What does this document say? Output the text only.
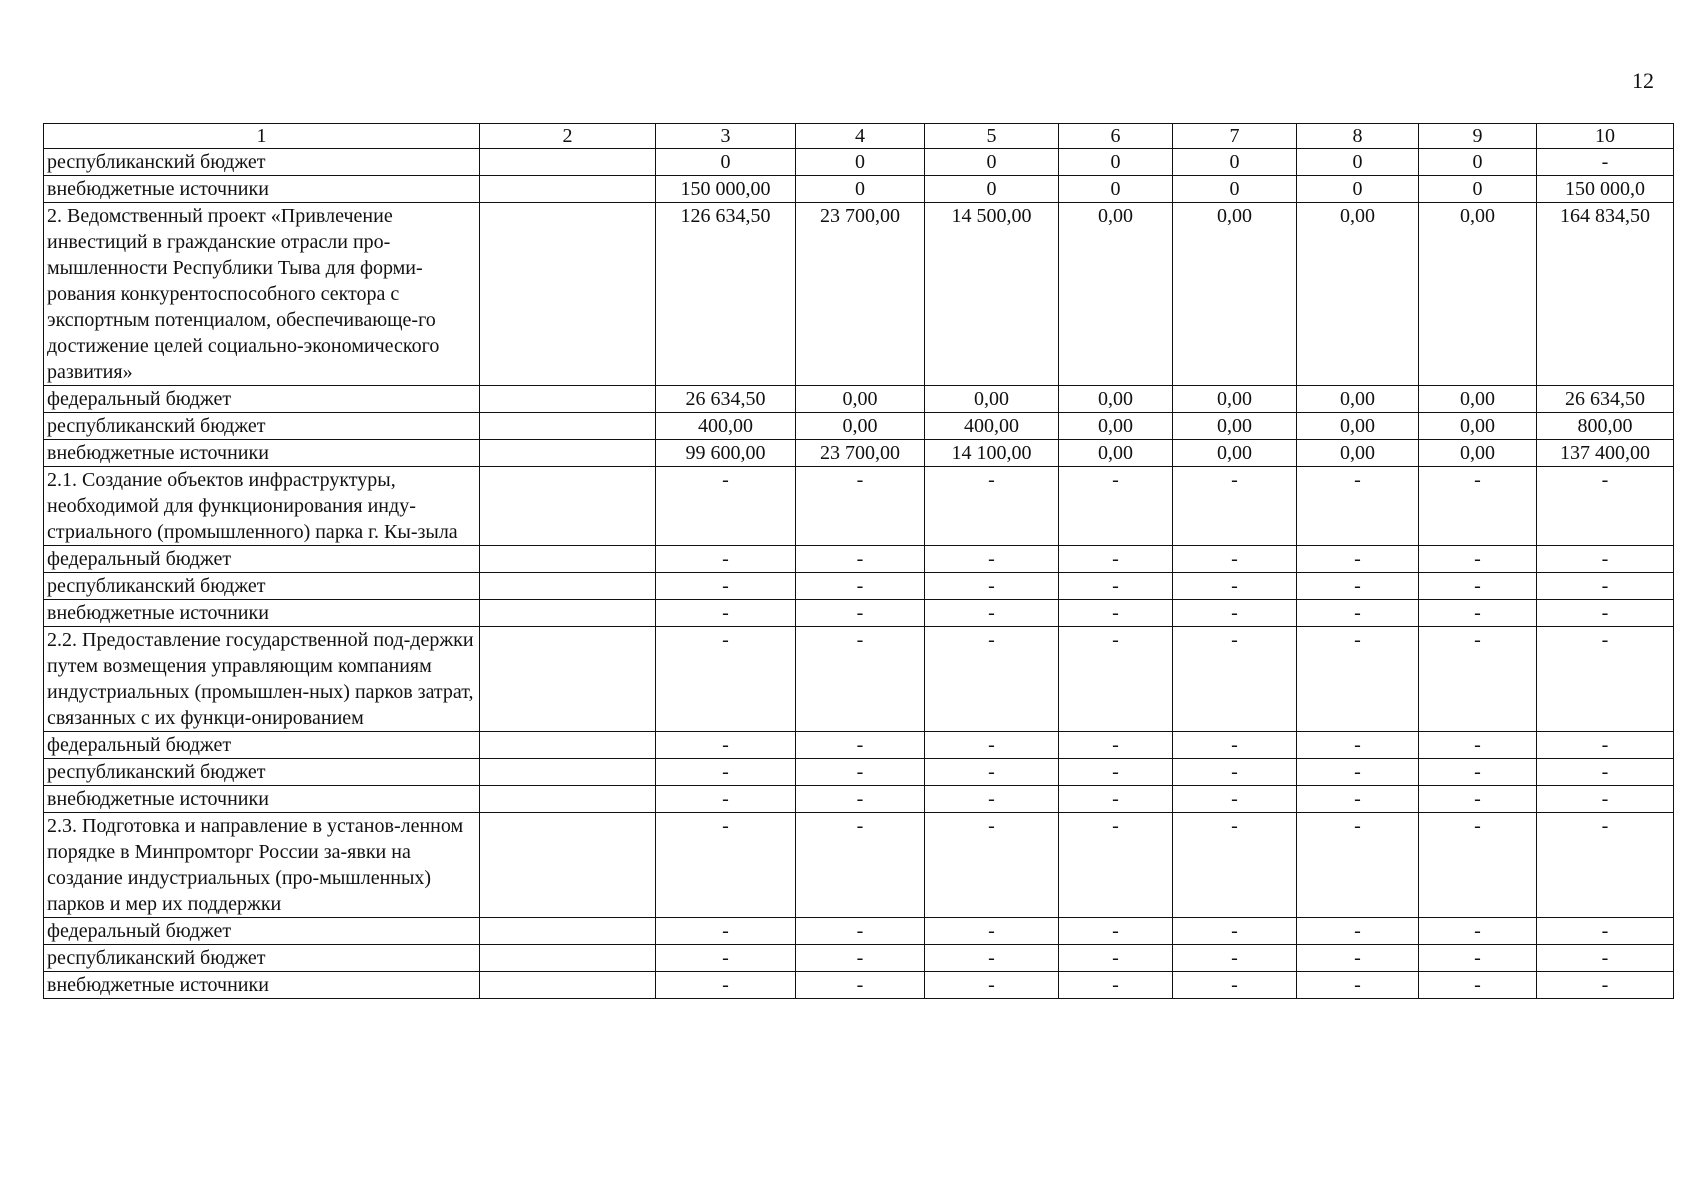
12
1	2	3	4	5	6	7	8	9	10
республиканский бюджет		0	0	0	0	0	0	0	-
внебюджетные источники		150 000,00	0	0	0	0	0	0	150 000,0
2. Ведомственный проект «Привлечение инвестиций в гражданские отрасли про-мышленности Республики Тыва для форми-рования конкурентоспособного сектора с экспортным потенциалом, обеспечивающе-го достижение целей социально-экономического развития»		126 634,50	23 700,00	14 500,00	0,00	0,00	0,00	0,00	164 834,50
федеральный бюджет		26 634,50	0,00	0,00	0,00	0,00	0,00	0,00	26 634,50
республиканский бюджет		400,00	0,00	400,00	0,00	0,00	0,00	0,00	800,00
внебюджетные источники		99 600,00	23 700,00	14 100,00	0,00	0,00	0,00	0,00	137 400,00
2.1. Создание объектов инфраструктуры, необходимой для функционирования инду-стриального (промышленного) парка г. Кы-зыла		-	-	-	-	-	-	-	-
федеральный бюджет		-	-	-	-	-	-	-	-
республиканский бюджет		-	-	-	-	-	-	-	-
внебюджетные источники		-	-	-	-	-	-	-	-
2.2. Предоставление государственной под-держки путем возмещения управляющим компаниям индустриальных (промышлен-ных) парков затрат, связанных с их функци-онированием		-	-	-	-	-	-	-	-
федеральный бюджет		-	-	-	-	-	-	-	-
республиканский бюджет		-	-	-	-	-	-	-	-
внебюджетные источники		-	-	-	-	-	-	-	-
2.3. Подготовка и направление в установ-ленном порядке в Минпромторг России за-явки на создание индустриальных (про-мышленных) парков и мер их поддержки		-	-	-	-	-	-	-	-
федеральный бюджет		-	-	-	-	-	-	-	-
республиканский бюджет		-	-	-	-	-	-	-	-
внебюджетные источники		-	-	-	-	-	-	-	-
